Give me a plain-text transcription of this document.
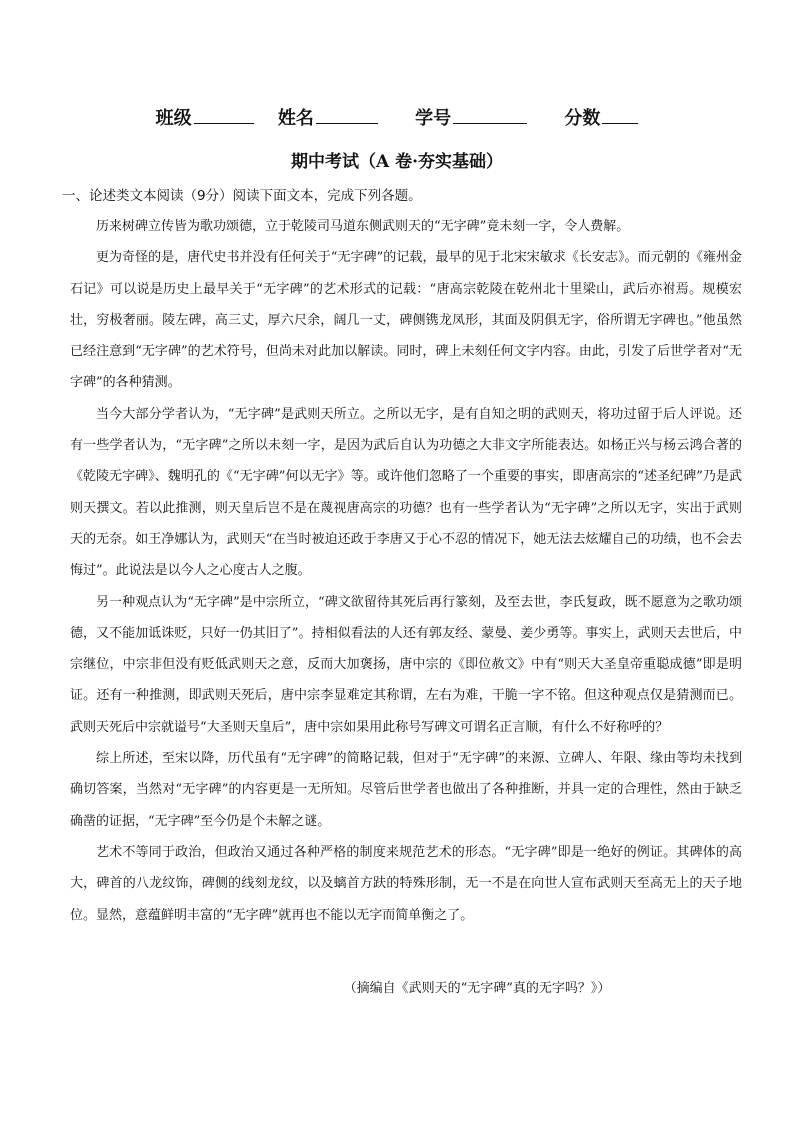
班级	姓名	学号	分数
期中考试（A 卷·夯实基础）
一、论述类文本阅读（9分）阅读下面文本，完成下列各题。

历来树碑立传皆为歌功颂德，立于乾陵司马道东侧武则天的“无字碑”竟未刻一字，令人费解。

更为奇怪的是，唐代史书并没有任何关于“无字碑”的记载，最早的见于北宋宋敏求《长安志》。而元朝的《雍州金石记》可以说是历史上最早关于“无字碑”的艺术形式的记载：“唐高宗乾陵在乾州北十里梁山，武后亦祔焉。规模宏壮，穷极奢丽。陵左碑，高三丈，厚六尺余，阔几一丈，碑侧镌龙凤形，其面及阴俱无字，俗所谓无字碑也。”他虽然已经注意到“无字碑”的艺术符号，但尚未对此加以解读。同时，碑上未刻任何文字内容。由此，引发了后世学者对“无字碑”的各种猜测。

当今大部分学者认为，“无字碑”是武则天所立。之所以无字，是有自知之明的武则天，将功过留于后人评说。还有一些学者认为，“无字碑”之所以未刻一字，是因为武后自认为功德之大非文字所能表达。如杨正兴与杨云鸿合著的《乾陵无字碑》、魏明孔的《“无字碑”何以无字》等。或许他们忽略了一个重要的事实，即唐高宗的“述圣纪碑”乃是武则天撰文。若以此推测，则天皇后岂不是在蔑视唐高宗的功德？也有一些学者认为“无字碑”之所以无字，实出于武则天的无奈。如王净娜认为，武则天“在当时被迫还政于李唐又于心不忍的情况下，她无法去炫耀自己的功绩，也不会去悔过”。此说法是以今人之心度古人之腹。

另一种观点认为“无字碑”是中宗所立，“碑文欲留待其死后再行篆刻，及至去世，李氏复政，既不愿意为之歌功颂德，又不能加诋诛贬，只好一仍其旧了”。持相似看法的人还有郭友经、蒙曼、姜少勇等。事实上，武则天去世后，中宗继位，中宗非但没有贬低武则天之意，反而大加褒扬，唐中宗的《即位赦文》中有“则天大圣皇帝重聪成德”即是明证。还有一种推测，即武则天死后，唐中宗李显难定其称谓，左右为难，干脆一字不铭。但这种观点仅是猜测而已。武则天死后中宗就谥号“大圣则天皇后”，唐中宗如果用此称号写碑文可谓名正言顺，有什么不好称呼的？

综上所述，至宋以降，历代虽有“无字碑”的简略记载，但对于“无字碑”的来源、立碑人、年限、缘由等均未找到确切答案，当然对“无字碑”的内容更是一无所知。尽管后世学者也做出了各种推断，并具一定的合理性，然由于缺乏确凿的证据，“无字碑”至今仍是个未解之谜。

艺术不等同于政治，但政治又通过各种严格的制度来规范艺术的形态。“无字碑”即是一绝好的例证。其碑体的高大，碑首的八龙纹饰，碑侧的线刻龙纹，以及螭首方趺的特殊形制，无一不是在向世人宣布武则天至高无上的天子地位。显然，意蕴鲜明丰富的“无字碑”就再也不能以无字而简单衡之了。

（摘编自《武则天的“无字碑”真的无字吗？》）
